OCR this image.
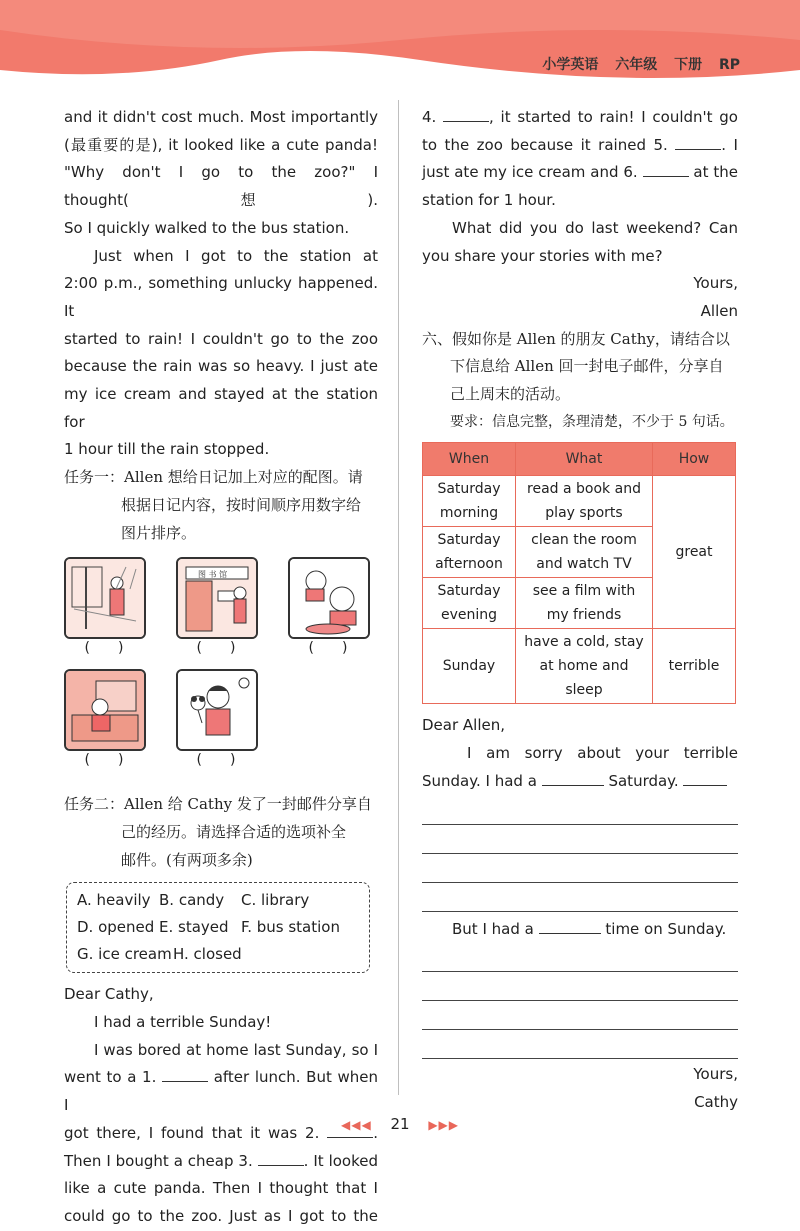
小学英语 六年级 下册 RP

and it didn't cost much. Most importantly

(最重要的是), it looked like a cute panda!

"Why don't I go to the zoo?" I thought(想).

So I quickly walked to the bus station.

Just when I got to the station at

2:00 p.m., something unlucky happened. It

started to rain! I couldn't go to the zoo

because the rain was so heavy. I just ate

my ice cream and stayed at the station for

1 hour till the rain stopped.

任务一：Allen 想给日记加上对应的配图。请

根据日记内容，按时间顺序用数字给

图片排序。

(　　)
图 书 馆
(　　)	(　　)
(　　)	(　　)

任务二：Allen 给 Cathy 发了一封邮件分享自

己的经历。请选择合适的选项补全

邮件。(有两项多余)

A. heavily B. candy C. library
D. opened E. stayed F. bus station
G. ice creamH. closed

Dear Cathy,

I had a terrible Sunday!

I was bored at home last Sunday, so I

went to a 1.	after lunch. But when I

got there, I found that it was 2.	.

Then I bought a cheap 3.	. It looked

like a cute panda. Then I thought that I

could go to the zoo. Just as I got to the

4.	, it started to rain! I couldn't go

to the zoo because it rained 5.	. I

just ate my ice cream and 6.	at the

station for 1 hour.

What did you do last weekend? Can

you share your stories with me?

Yours,

Allen

六、假如你是 Allen 的朋友 Cathy，请结合以

下信息给 Allen 回一封电子邮件，分享自

己上周末的活动。

要求：信息完整，条理清楚，不少于 5 句话。

When	What	How
Saturday
morning	read a book and
play sports	great
Saturday
afternoon	clean the room
and watch TV	
Saturday
evening	see a film with
my friends	
Sunday	have a cold, stay
at home and sleep	terrible

Dear Allen,

I am sorry about your terrible

Sunday. I had a	Saturday.

But I had a	time on Sunday.

Yours,

Cathy

◀◀◀ 21 ▶▶▶
